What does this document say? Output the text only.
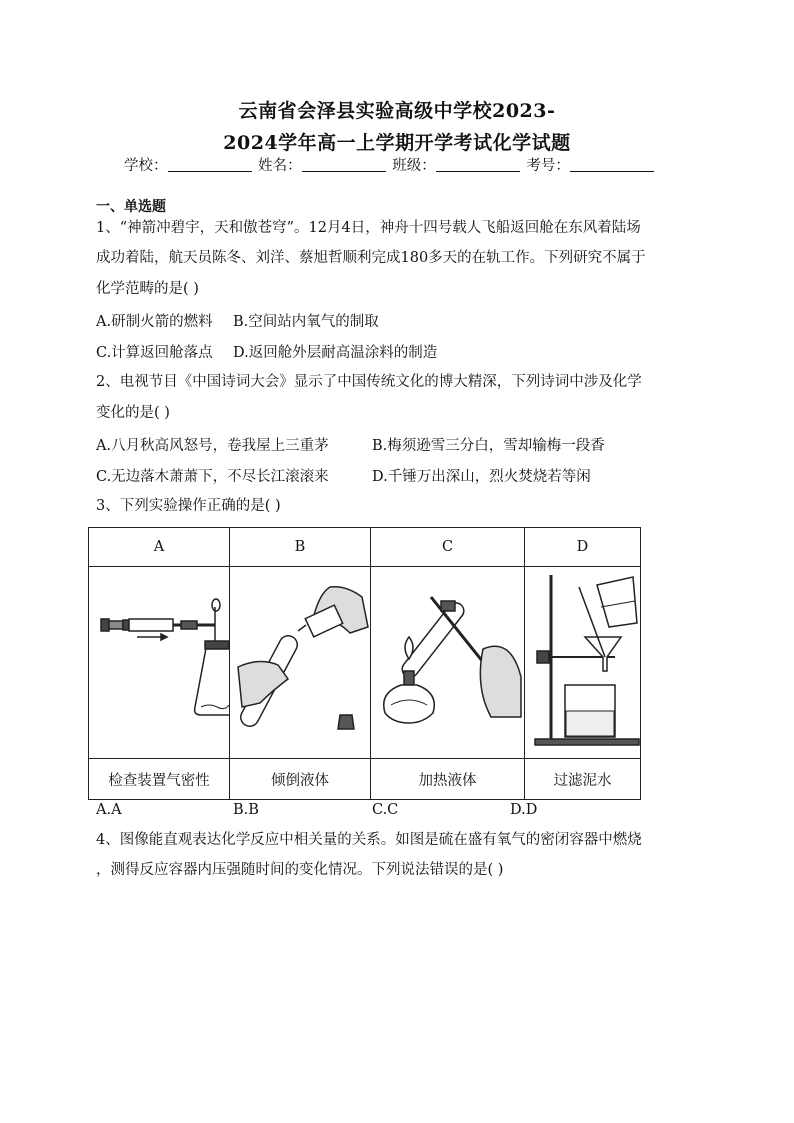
云南省会泽县实验高级中学校2023-
2024学年高一上学期开学考试化学试题
学校：	姓名：	班级：	考号：
一、单选题
1、“神箭冲碧宇，天和傲苍穹”。12月4日，神舟十四号载人飞船返回舱在东风着陆场
成功着陆，航天员陈冬、刘洋、蔡旭哲顺利完成180多天的在轨工作。下列研究不属于
化学范畴的是( )
A.研制火箭的燃料 B.空间站内氧气的制取
C.计算返回舱落点 D.返回舱外层耐高温涂料的制造
2、电视节目《中国诗词大会》显示了中国传统文化的博大精深，下列诗词中涉及化学
变化的是( )
A.八月秋高风怒号，卷我屋上三重茅	B.梅须逊雪三分白，雪却输梅一段香
C.无边落木萧萧下，不尽长江滚滚来	D.千锤万出深山，烈火焚烧若等闲
3、下列实验操作正确的是( )
A	B	C	D

检查装置气密性	倾倒液体	加热液体	过滤泥水
A.A	B.B	C.C	D.D
4、图像能直观表达化学反应中相关量的关系。如图是硫在盛有氧气的密闭容器中燃烧
，测得反应容器内压强随时间的变化情况。下列说法错误的是( )
